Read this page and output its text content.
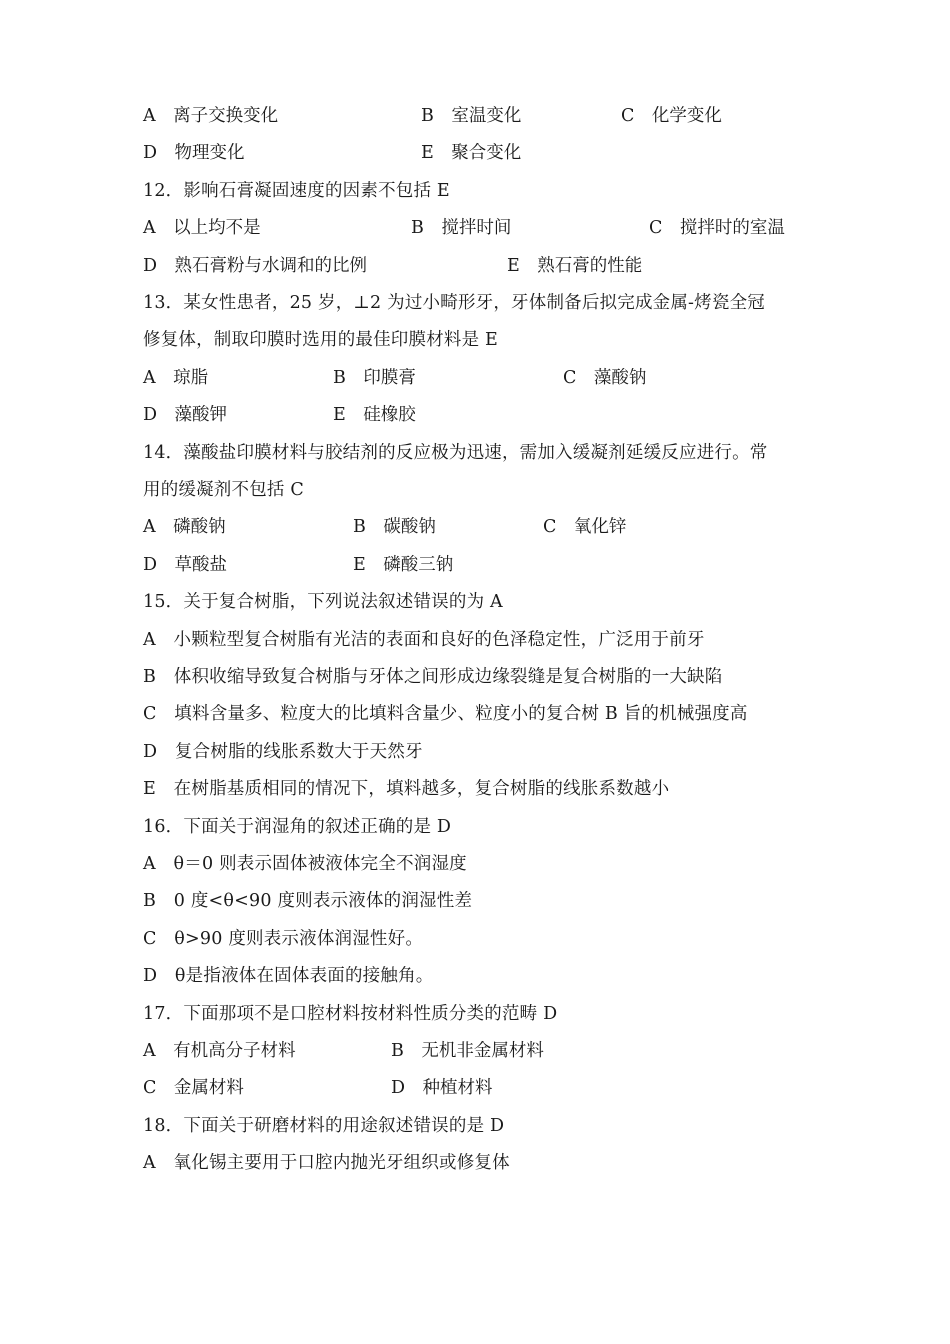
A　离子交换变化	B　室温变化	C　化学变化
D　物理变化	E　聚合变化
12．影响石膏凝固速度的因素不包括 E
A　以上均不是	B　搅拌时间	C　搅拌时的室温
D　熟石膏粉与水调和的比例	E　熟石膏的性能
13．某女性患者，25 岁，⊥2 为过小畸形牙，牙体制备后拟完成金属-烤瓷全冠
修复体，制取印膜时选用的最佳印膜材料是 E
A　琼脂	B　印膜膏	C　藻酸钠
D　藻酸钾	E　硅橡胶
14．藻酸盐印膜材料与胶结剂的反应极为迅速，需加入缓凝剂延缓反应进行。常
用的缓凝剂不包括 C
A　磷酸钠	B　碳酸钠	C　氧化锌
D　草酸盐	E　磷酸三钠
15．关于复合树脂，下列说法叙述错误的为 A
A　小颗粒型复合树脂有光洁的表面和良好的色泽稳定性，广泛用于前牙
B　体积收缩导致复合树脂与牙体之间形成边缘裂缝是复合树脂的一大缺陷
C　填料含量多、粒度大的比填料含量少、粒度小的复合树 B 旨的机械强度高
D　复合树脂的线胀系数大于天然牙
E　在树脂基质相同的情况下，填料越多，复合树脂的线胀系数越小
16．下面关于润湿角的叙述正确的是 D
A　θ＝0 则表示固体被液体完全不润湿度
B　0 度<θ<90 度则表示液体的润湿性差
C　θ>90 度则表示液体润湿性好。
D　θ是指液体在固体表面的接触角。
17．下面那项不是口腔材料按材料性质分类的范畴 D
A　有机高分子材料	B　无机非金属材料
C　金属材料	D　种植材料
18．下面关于研磨材料的用途叙述错误的是 D
A　氧化锡主要用于口腔内抛光牙组织或修复体
